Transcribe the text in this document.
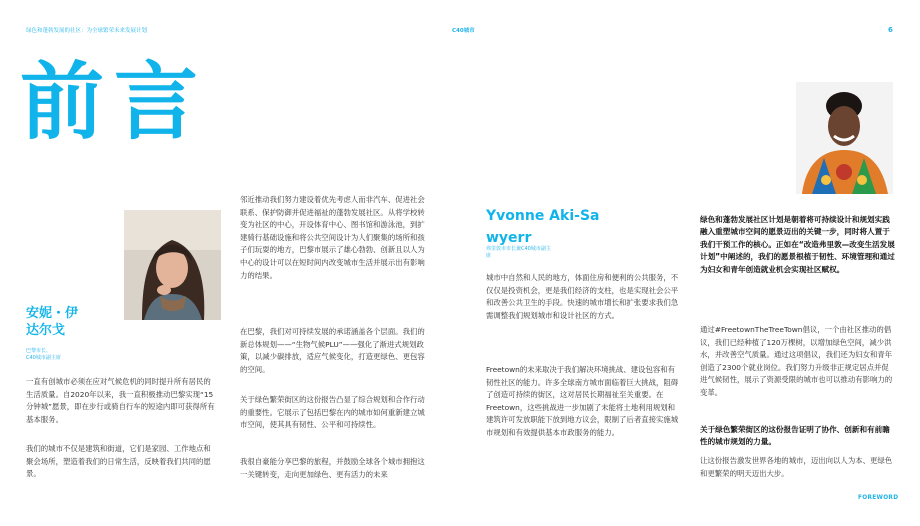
绿色和蓬勃发展的社区：为全球繁荣未来发展计划	C40城市	6
前言
安妮・伊
达尔戈
巴黎市长、
C40城市副主席
一直有创城市必须在应对气候危机的同时提升所有居民的生活质量。自2020年以来，我一直积极推动巴黎实现“15分钟城”愿景，即在步行或骑自行车的短途内即可获得所有基本服务。
我们的城市不仅是建筑和街道，它们是家园、工作地点和聚会场所，塑造着我们的日常生活，反映着我们共同的愿景。
邻近推动我们努力建设着优先考虑人而非汽车、促进社会联系、保护防御并促进福祉的蓬勃发展社区。从将学校转变为社区的中心，开设体育中心、图书馆和游泳池，到扩建骑行基础设施和将公共空间设计为人们聚集的场所和孩子们玩耍的地方，巴黎市展示了雄心勃勃、创新且以人为中心的设计可以在短时间内改变城市生活并展示出有影响力的结果。
在巴黎，我们对可持续发展的承诺涵盖各个层面。我们的新总体规划——“生物气候PLU”——强化了渐进式规划政策，以减少碳排放，适应气候变化，打造更绿色、更包容的空间。
关于绿色繁荣街区的这份报告凸显了综合规划和合作行动的重要性。它展示了包括巴黎在内的城市如何重新建立城市空间，使其具有韧性、公平和可持续性。
我很自豪能分享巴黎的旅程，并鼓励全球各个城市拥抱这一关键转变，走向更加绿色、更有活力的未来
Yvonne Aki-Sa
wyerr
弗里敦市市长兼C40城市副主
席
城市中自然和人民的地方，体面住房和便利的公共服务，不仅仅是投资机会，更是我们经济的支柱，也是实现社会公平和改善公共卫生的手段。快速的城市增长和扩张要求我们急需调整我们规划城市和设计社区的方式。
Freetown的未来取决于我们解决环境挑战、建设包容和有韧性社区的能力。许多全球南方城市面临着巨大挑战，阻碍了创造可持续的街区，这对居民长期福祉至关重要。在Freetown，这些挑战进一步加剧了未能将土地利用规划和建筑许可发放职能下放到地方议会，限制了后者直接实施城市规划和有效提供基本市政服务的能力。
绿色和蓬勃发展社区计划是朝着将可持续设计和规划实践融入重塑城市空间的愿景迈出的关键一步，同时将人置于我们干预工作的核心。正如在“改造弗里敦—改变生活发展计划”中阐述的，我们的愿景根植于韧性、环境管理和通过为妇女和青年创造就业机会实现社区赋权。
通过#FreetownTheTreeTown倡议，一个由社区推动的倡议，我们已经种植了120万棵树，以增加绿色空间，减少洪水，并改善空气质量。通过这项倡议，我们还为妇女和青年创造了2300个就业岗位。我们努力升级非正规定居点并促进气候韧性，展示了资源受限的城市也可以推动有影响力的变革。
关于绿色繁荣街区的这份报告证明了协作、创新和有前瞻性的城市规划的力量。
让这份报告激发世界各地的城市，迈出向以人为本、更绿色和更繁荣的明天迈出大步。
FOREWORD
